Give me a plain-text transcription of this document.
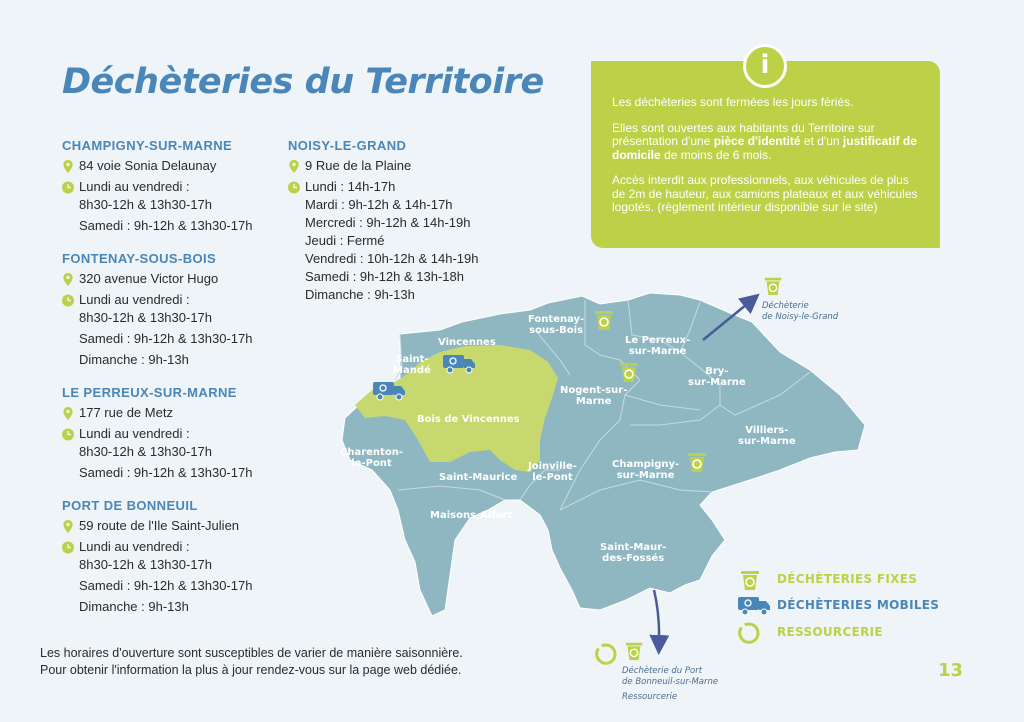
Déchèteries du Territoire
CHAMPIGNY-SUR-MARNE
84 voie Sonia Delaunay
Lundi au vendredi :
8h30-12h & 13h30-17h
Samedi : 9h-12h & 13h30-17h
FONTENAY-SOUS-BOIS
320 avenue Victor Hugo
Lundi au vendredi :
8h30-12h & 13h30-17h
Samedi : 9h-12h & 13h30-17h
Dimanche : 9h-13h
LE PERREUX-SUR-MARNE
177 rue de Metz
Lundi au vendredi :
8h30-12h & 13h30-17h
Samedi : 9h-12h & 13h30-17h
PORT DE BONNEUIL
59 route de l'Ile Saint-Julien
Lundi au vendredi :
8h30-12h & 13h30-17h
Samedi : 9h-12h & 13h30-17h
Dimanche : 9h-13h
NOISY-LE-GRAND
9 Rue de la Plaine
Lundi : 14h-17h
Mardi : 9h-12h & 14h-17h
Mercredi : 9h-12h & 14h-19h
Jeudi : Fermé
Vendredi : 10h-12h & 14h-19h
Samedi : 9h-12h & 13h-18h
Dimanche : 9h-13h

Les déchèteries sont fermées les jours fériés.

Elles sont ouvertes aux habitants du Territoire sur présentation d'une pièce d'identité et d'un justificatif de domicile de moins de 6 mois.

Accès interdit aux professionnels, aux véhicules de plus de 2m de hauteur, aux camions plateaux et aux véhicules logotés. (règlement intérieur disponible sur le site)

i
Vincennes
Saint-
Mandé
Fontenay-
sous-Bois
Le Perreux-
sur-Marne
Bry-
sur-Marne
Nogent-sur-
Marne
Villiers-
sur-Marne
Bois de Vincennes
Charenton-
le-Pont
Saint-Maurice
Joinville-
le-Pont
Champigny-
sur-Marne
Maisons-Alfort
Saint-Maur-
des-Fossés
Déchèterie
de Noisy-le-Grand
Déchèterie du Port
de Bonneuil-sur-Marne
Ressourcerie
DÉCHÈTERIES FIXES
DÉCHÈTERIES MOBILES
RESSOURCERIE
Les horaires d'ouverture sont susceptibles de varier de manière saisonnière.
Pour obtenir l'information la plus à jour rendez-vous sur la page web dédiée.	13
